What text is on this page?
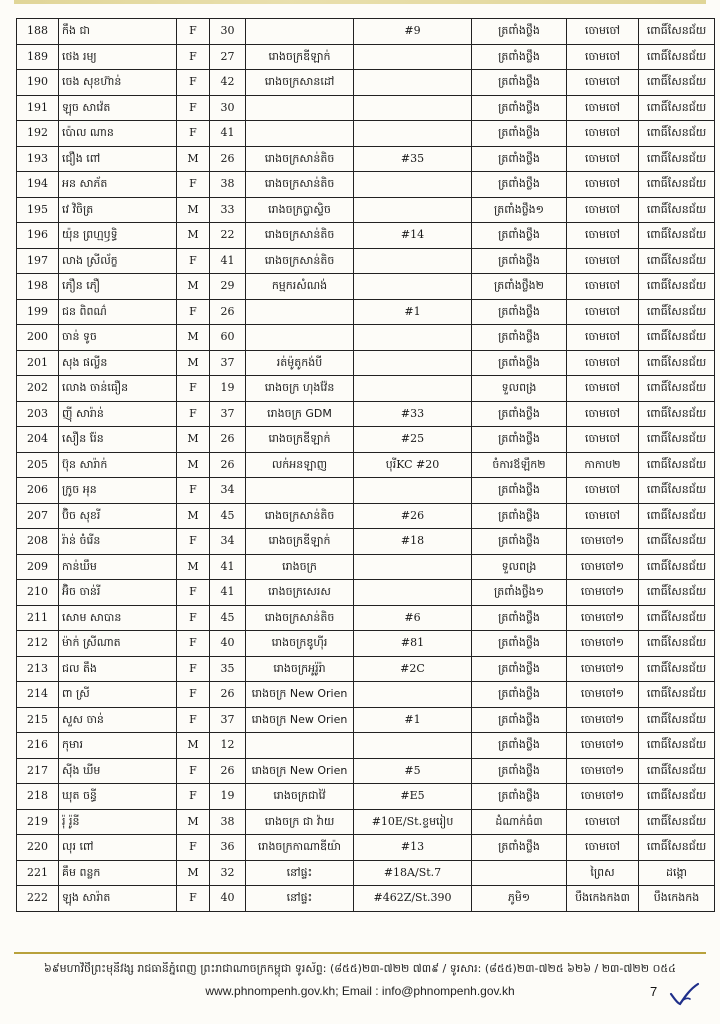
188	កឹង ជា	F	30		#9	ត្រពាំងថ្លឹង	ចោមចៅ	ពោធិ៍សែនជ័យ
189	ថេង រម្យ	F	27	រោងចក្រឌីឡាក់		ត្រពាំងថ្លឹង	ចោមចៅ	ពោធិ៍សែនជ័យ
190	ចេង សុខហ៊ាន់	F	42	រោងចក្រសានដៅ		ត្រពាំងថ្លឹង	ចោមចៅ	ពោធិ៍សែនជ័យ
191	ឡុច សាវ៉េត	F	30			ត្រពាំងថ្លឹង	ចោមចៅ	ពោធិ៍សែនជ័យ
192	ប៉ោល ណាន	F	41			ត្រពាំងថ្លឹង	ចោមចៅ	ពោធិ៍សែនជ័យ
193	ជឿង ពៅ	M	26	រោងចក្រសាន់តិច	#35	ត្រពាំងថ្លឹង	ចោមចៅ	ពោធិ៍សែនជ័យ
194	អន សាភ័ត	F	38	រោងចក្រសាន់តិច		ត្រពាំងថ្លឹង	ចោមចៅ	ពោធិ៍សែនជ័យ
195	វេ វិចិត្រ	M	33	រោងចក្រប្លាស្ទិច		ត្រពាំងថ្លឹង១	ចោមចៅ	ពោធិ៍សែនជ័យ
196	យ៉ុន ព្រហ្មឫទ្ធិ	M	22	រោងចក្រសាន់តិច	#14	ត្រពាំងថ្លឹង	ចោមចៅ	ពោធិ៍សែនជ័យ
197	លាង ស្រីល័ក្ខ	F	41	រោងចក្រសាន់តិច		ត្រពាំងថ្លឹង	ចោមចៅ	ពោធិ៍សែនជ័យ
198	ភឿន ភឿ	M	29	កម្មករសំណង់		ត្រពាំងថ្លឹង២	ចោមចៅ	ពោធិ៍សែនជ័យ
199	ជន ពិពណ៌	F	26		#1	ត្រពាំងថ្លឹង	ចោមចៅ	ពោធិ៍សែនជ័យ
200	ចាន់ ទូច	M	60			ត្រពាំងថ្លឹង	ចោមចៅ	ពោធិ៍សែនជ័យ
201	សុង ផល្លីន	M	37	រត់ម៉ូតូកង់បី		ត្រពាំងថ្លឹង	ចោមចៅ	ពោធិ៍សែនជ័យ
202	លោង ចាន់ធឿន	F	19	រោងចក្រ ហុងវ៉ែន		ទួលពង្រ	ចោមចៅ	ពោធិ៍សែនជ័យ
203	ញ៉ី សារ៉ាន់	F	37	រោងចក្រ GDM	#33	ត្រពាំងថ្លឹង	ចោមចៅ	ពោធិ៍សែនជ័យ
204	សឿន រ៉ែន	M	26	រោងចក្រឌីឡាក់	#25	ត្រពាំងថ្លឹង	ចោមចៅ	ពោធិ៍សែនជ័យ
205	ប៊ុន សារ៉ាក់	M	26	លក់អនឡាញ	បុរីKC #20	ចំការឪឡឹក២	កាកាប២	ពោធិ៍សែនជ័យ
206	ក្រូច អុន	F	34			ត្រពាំងថ្លឹង	ចោមចៅ	ពោធិ៍សែនជ័យ
207	ប៊ិច សុខរី	M	45	រោងចក្រសាន់តិច	#26	ត្រពាំងថ្លឹង	ចោមចៅ	ពោធិ៍សែនជ័យ
208	រ៉ាន់ ចំរើន	F	34	រោងចក្រឌីឡាក់	#18	ត្រពាំងថ្លឹង	ចោមចៅ១	ពោធិ៍សែនជ័យ
209	កាន់ឃឹម	M	41	រោងចក្រ		ទួលពង្រ	ចោមចៅ១	ពោធិ៍សែនជ័យ
210	អ៊ិច ចាន់រី	F	41	រោងចក្រសេរស		ត្រពាំងថ្លឹង១	ចោមចៅ១	ពោធិ៍សែនជ័យ
211	សោម សាបាន	F	45	រោងចក្រសាន់តិច	#6	ត្រពាំងថ្លឹង	ចោមចៅ១	ពោធិ៍សែនជ័យ
212	ម៉ាក់ ស្រីណាត	F	40	រោងចក្រឌូហ៊ីរ	#81	ត្រពាំងថ្លឹង	ចោមចៅ១	ពោធិ៍សែនជ័យ
213	ជល តឹង	F	35	រោងចក្រអូរ៉ូរ៉ា	#2C	ត្រពាំងថ្លឹង	ចោមចៅ១	ពោធិ៍សែនជ័យ
214	ពា ស្រី	F	26	រោងចក្រ New Orien		ត្រពាំងថ្លឹង	ចោមចៅ១	ពោធិ៍សែនជ័យ
215	សួស ចាន់	F	37	រោងចក្រ New Orien	#1	ត្រពាំងថ្លឹង	ចោមចៅ១	ពោធិ៍សែនជ័យ
216	កុមារ	M	12			ត្រពាំងថ្លឹង	ចោមចៅ១	ពោធិ៍សែនជ័យ
217	ស៊ីង ឃីម	F	26	រោងចក្រ New Orien	#5	ត្រពាំងថ្លឹង	ចោមចៅ១	ពោធិ៍សែនជ័យ
218	ឃុត ចន្ធី	F	19	រោងចក្រជាវ៉ៃ	#E5	ត្រពាំងថ្លឹង	ចោមចៅ១	ពោធិ៍សែនជ័យ
219	រ៉ុ រ៉ូនី	M	38	រោងចក្រ ជា វ៉ាយ	#10E/St.ខ្ទមរៀប	ដំណាក់ធំ៣	ចោមចៅ	ពោធិ៍សែនជ័យ
220	លុរ ពៅ	F	36	រោងចក្រកាណាឌីយ៉ា	#13	ត្រពាំងថ្លឹង	ចោមចៅ	ពោធិ៍សែនជ័យ
221	គឹម ពន្លក	M	32	នៅផ្ទះ	#18A/St.7		ព្រៃស	ដង្កោ
222	ឡុង សារ៉ាត	F	40	នៅផ្ទះ	#462Z/St.390	ភូមិ១	បឹងកេងកង៣	បឹងកេងកង
៦៩មហាវិថីព្រះមុនីវង្ស រាជធានីភ្នំពេញ ព្រះរាជាណាចក្រកម្ពុជា ទូរស័ព្ទ: (៨៥៥)២៣-៧២២ ៧៣៩ / ទូរសារ: (៨៥៥)២៣-៧២៥ ៦២៦ / ២៣-៧២២ ០៥៤
www.phnompenh.gov.kh; Email : info@phnompenh.gov.kh	7
